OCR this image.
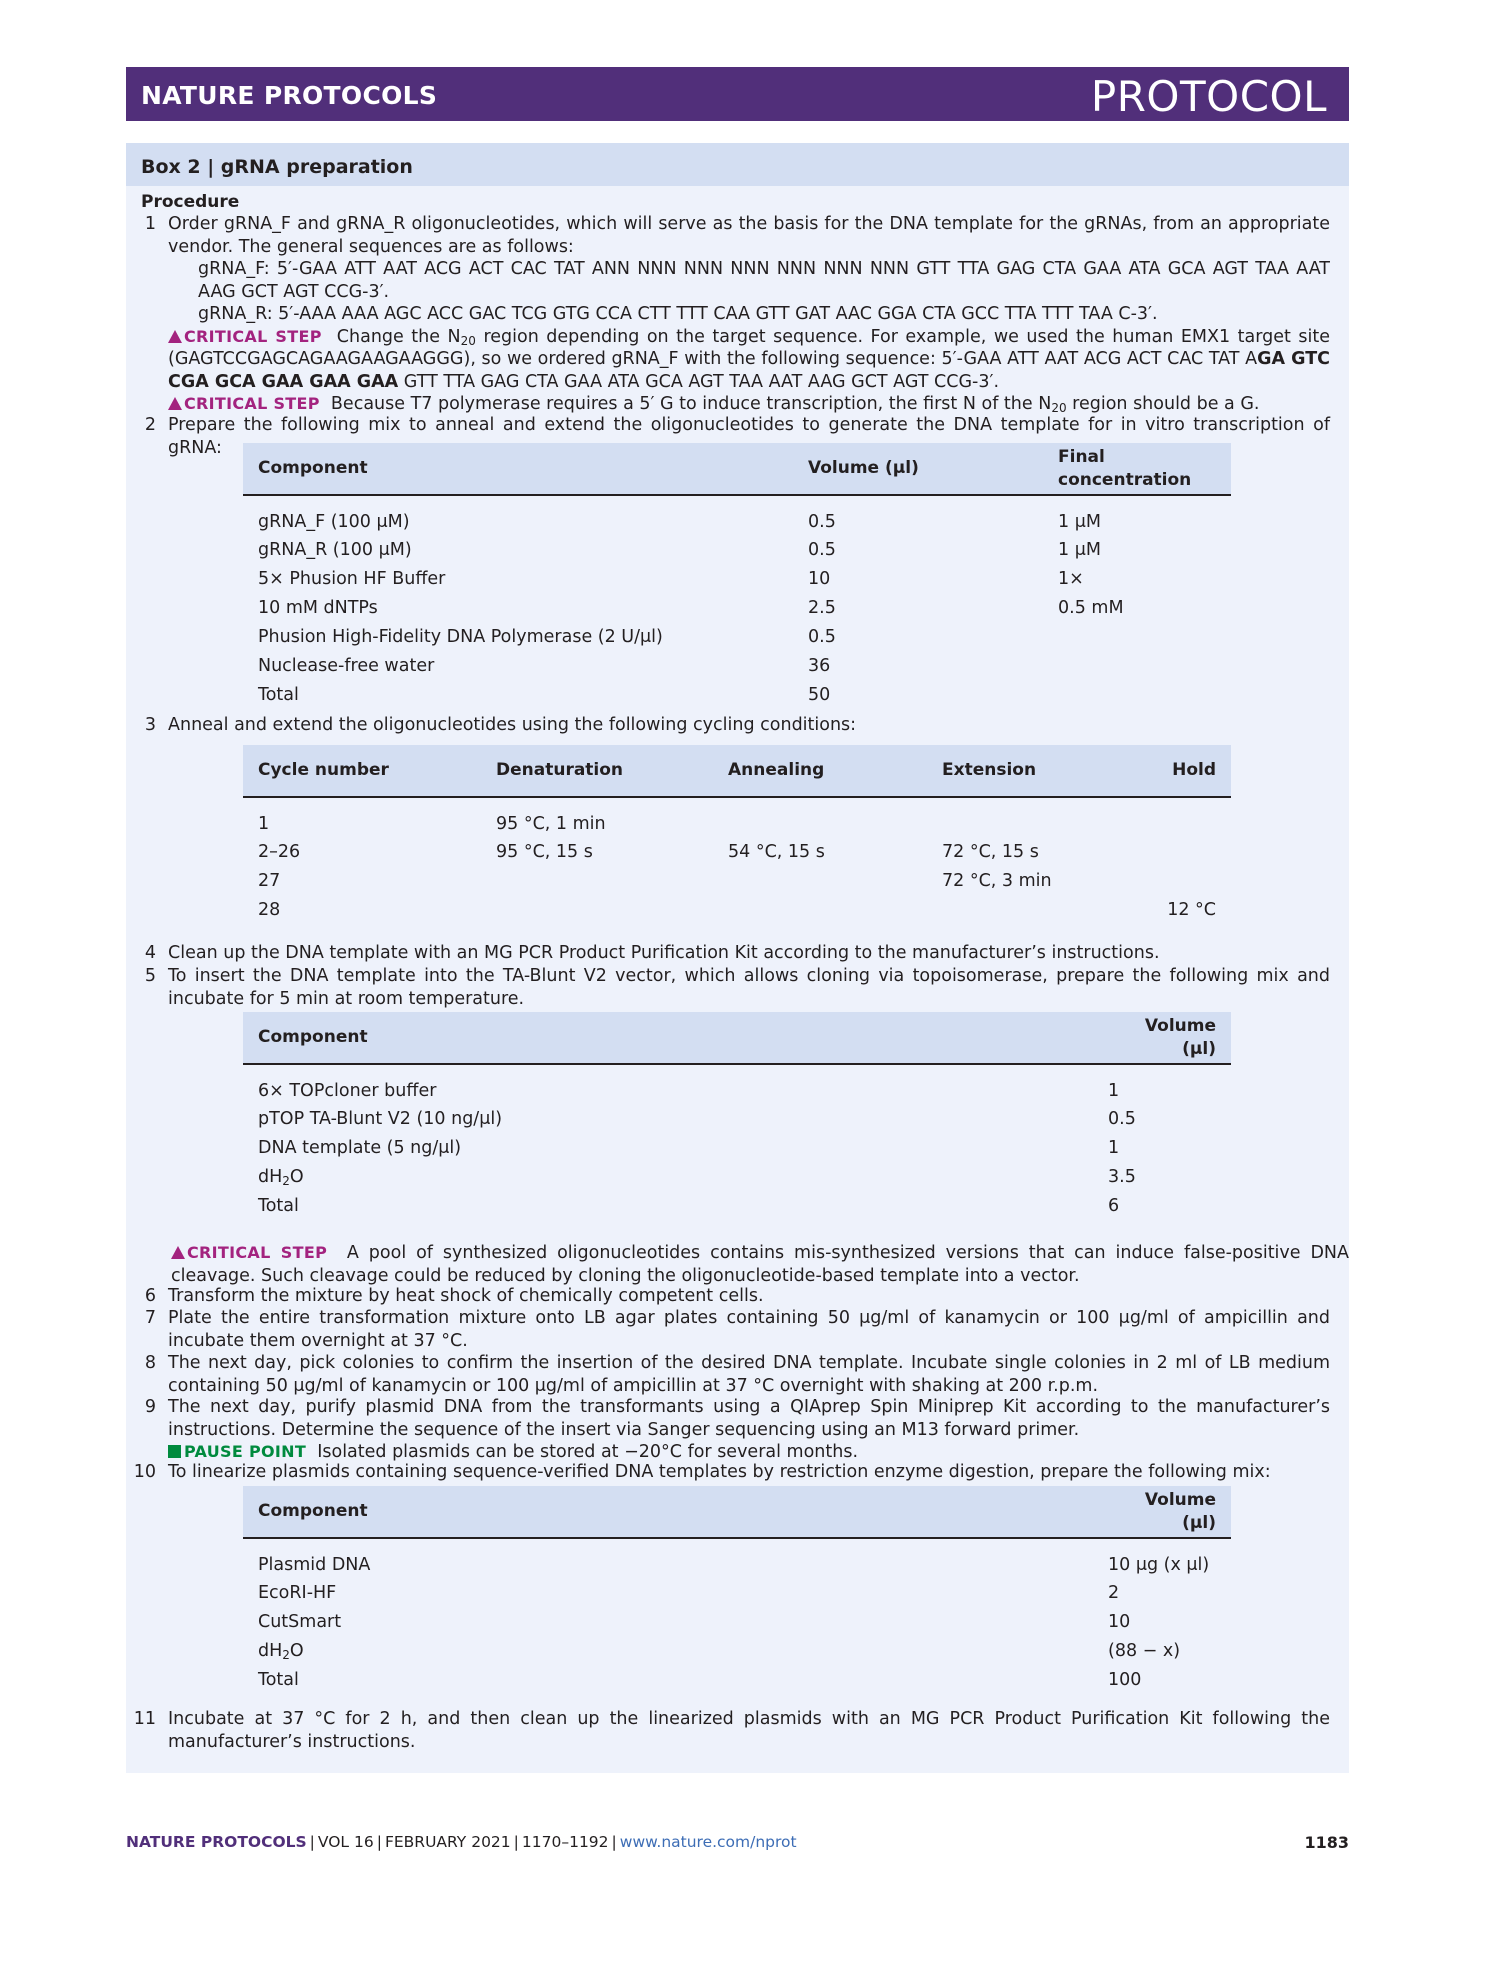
NATURE PROTOCOLS	PROTOCOL
Box 2 | gRNA preparation
Procedure
1 Order gRNA_F and gRNA_R oligonucleotides, which will serve as the basis for the DNA template for the gRNAs, from an appropriate vendor. The general sequences are as follows:
gRNA_F: 5′-GAA ATT AAT ACG ACT CAC TAT ANN NNN NNN NNN NNN NNN NNN GTT TTA GAG CTA GAA ATA GCA AGT TAA AAT AAG GCT AGT CCG-3′.
gRNA_R: 5′-AAA AAA AGC ACC GAC TCG GTG CCA CTT TTT CAA GTT GAT AAC GGA CTA GCC TTA TTT TAA C-3′.
CRITICAL STEP Change the $N_{20}$ region depending on the target sequence. For example, we used the human EMX1 target site (GAGTCCGAGCAGAAGAAGAAGGG), so we ordered gRNA_F with the following sequence: 5′-GAA ATT AAT ACG ACT CAC TAT AGA GTC CGA GCA GAA GAA GAA GTT TTA GAG CTA GAA ATA GCA AGT TAA AAT AAG GCT AGT CCG-3′.
CRITICAL STEP Because T7 polymerase requires a 5′ G to induce transcription, the first N of the $N_{20}$ region should be a G.
2 Prepare the following mix to anneal and extend the oligonucleotides to generate the DNA template for in vitro transcription of gRNA:
Component	Volume (μl)	Final concentration
gRNA_F (100 μM)	0.5	1 μM
gRNA_R (100 μM)	0.5	1 μM
5× Phusion HF Buffer	10	1×
10 mM dNTPs	2.5	0.5 mM
Phusion High-Fidelity DNA Polymerase (2 U/μl)	0.5	
Nuclease-free water	36	
Total	50	
3 Anneal and extend the oligonucleotides using the following cycling conditions:
Cycle number	Denaturation	Annealing	Extension	Hold
1	95 °C, 1 min			
2–26	95 °C, 15 s	54 °C, 15 s	72 °C, 15 s	
27			72 °C, 3 min	
28				12 °C
4 Clean up the DNA template with an MG PCR Product Purification Kit according to the manufacturer’s instructions.
5 To insert the DNA template into the TA-Blunt V2 vector, which allows cloning via topoisomerase, prepare the following mix and incubate for 5 min at room temperature.
Component	Volume (μl)
6× TOPcloner buffer	1
pTOP TA-Blunt V2 (10 ng/μl)	0.5
DNA template (5 ng/μl)	1
$dH_2O$	3.5
Total	6
CRITICAL STEP A pool of synthesized oligonucleotides contains mis-synthesized versions that can induce false-positive DNA cleavage. Such cleavage could be reduced by cloning the oligonucleotide-based template into a vector.
6 Transform the mixture by heat shock of chemically competent cells.
7 Plate the entire transformation mixture onto LB agar plates containing 50 μg/ml of kanamycin or 100 μg/ml of ampicillin and incubate them overnight at 37 °C.
8 The next day, pick colonies to confirm the insertion of the desired DNA template. Incubate single colonies in 2 ml of LB medium containing 50 μg/ml of kanamycin or 100 μg/ml of ampicillin at 37 °C overnight with shaking at 200 r.p.m.
9 The next day, purify plasmid DNA from the transformants using a QIAprep Spin Miniprep Kit according to the manufacturer’s instructions. Determine the sequence of the insert via Sanger sequencing using an M13 forward primer.
PAUSE POINT Isolated plasmids can be stored at −20°C for several months.
10 To linearize plasmids containing sequence-verified DNA templates by restriction enzyme digestion, prepare the following mix:
Component	Volume (μl)
Plasmid DNA	10 μg (x μl)
EcoRI-HF	2
CutSmart	10
$dH_2O$	(88 − x)
Total	100
11 Incubate at 37 °C for 2 h, and then clean up the linearized plasmids with an MG PCR Product Purification Kit following the manufacturer’s instructions.
NATURE PROTOCOLS | VOL 16 | FEBRUARY 2021 | 1170–1192 | www.nature.com/nprot	1183
